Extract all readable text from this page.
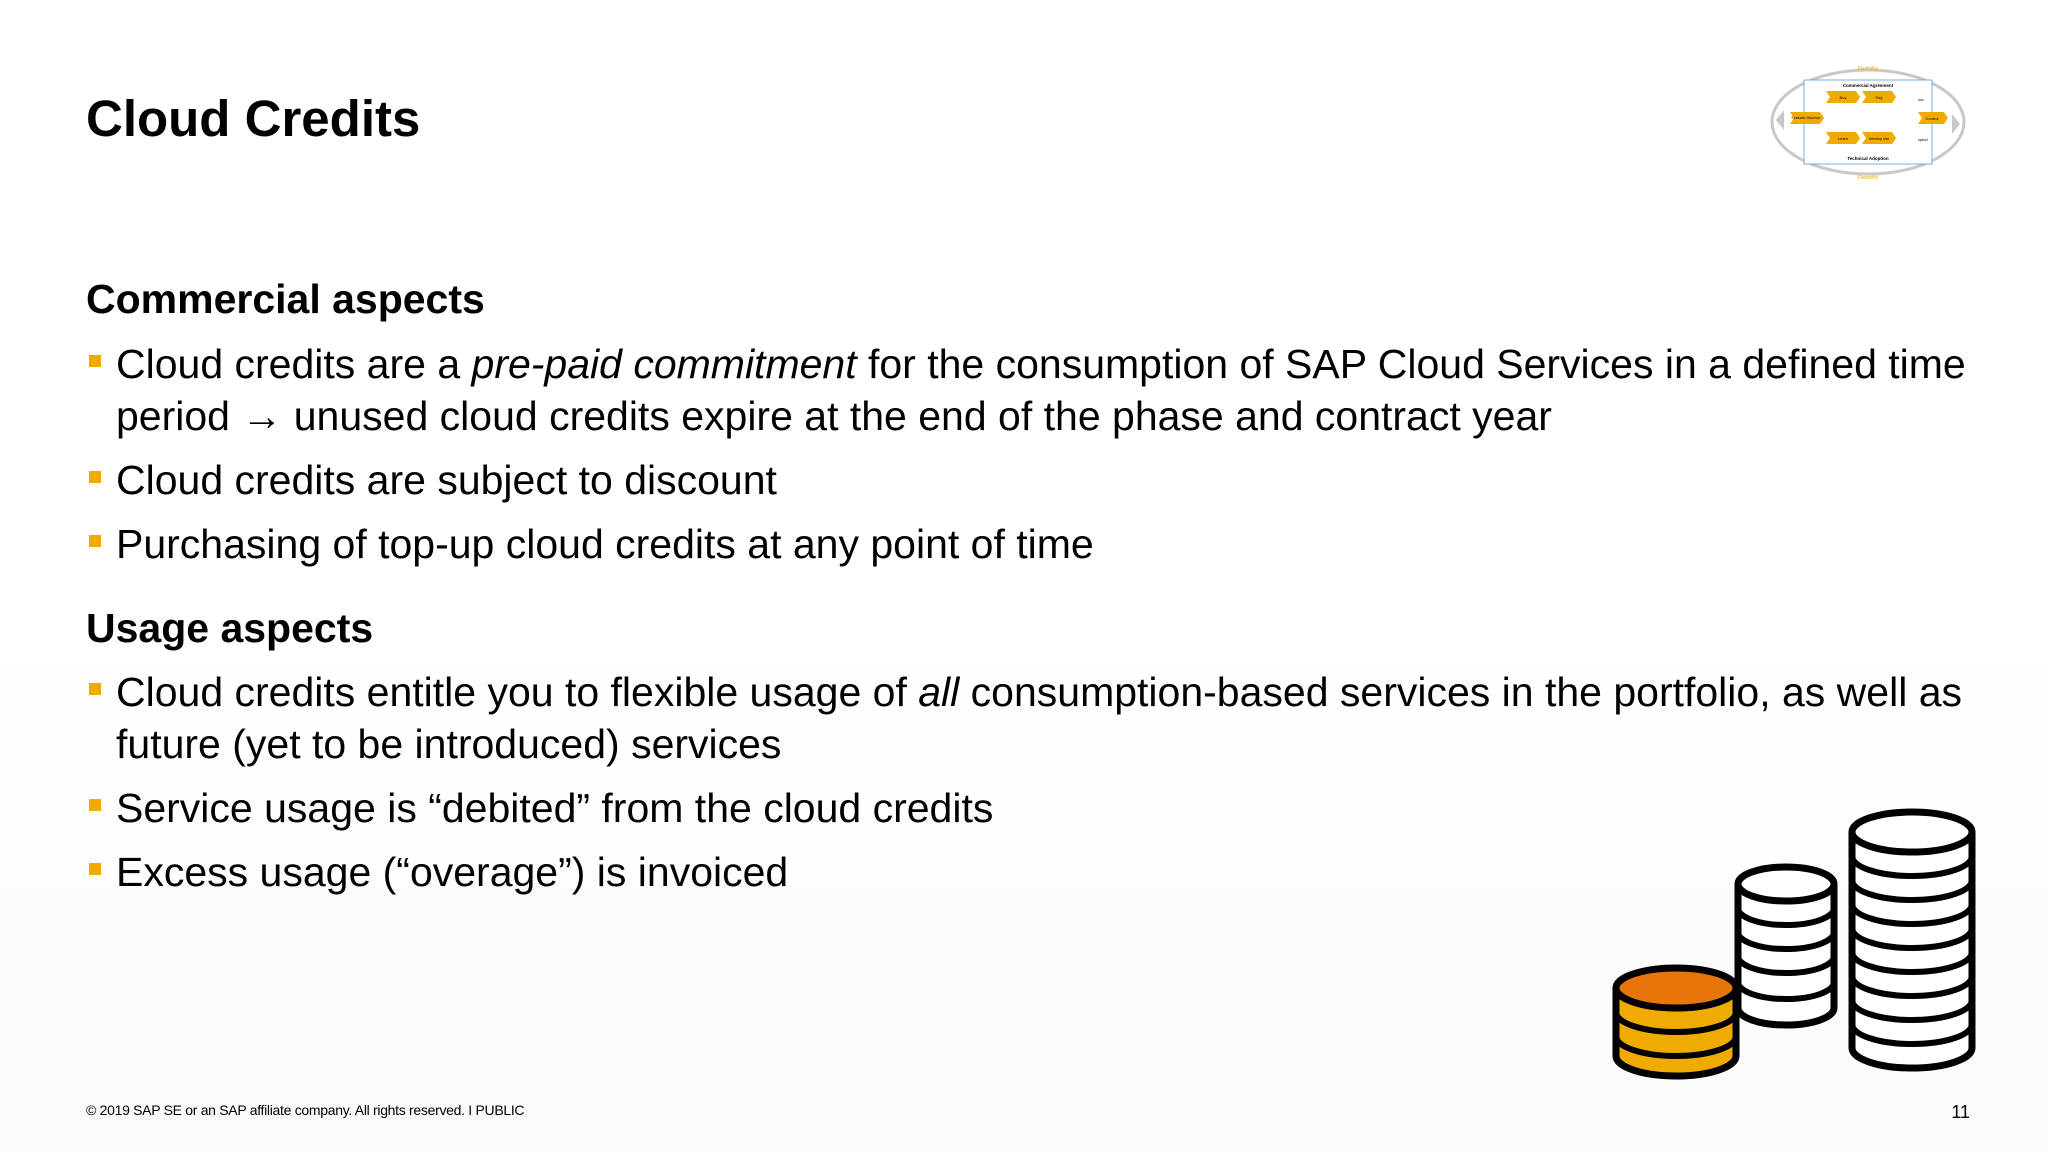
Cloud Credits
Flexibility
Flexibility
Commercial Agreement
Technical Adoption
Buy	Pay
Evaluate Discover
Learn	Develop Use
Control
use
spend
Commercial aspects
Cloud credits are a pre-paid commitment for the consumption of SAP Cloud Services in a defined time period → unused cloud credits expire at the end of the phase and contract year
Cloud credits are subject to discount
Purchasing of top-up cloud credits at any point of time
Usage aspects
Cloud credits entitle you to flexible usage of all consumption-based services in the portfolio, as well as future (yet to be introduced) services
Service usage is “debited” from the cloud credits
Excess usage (“overage”) is invoiced
© 2019 SAP SE or an SAP affiliate company. All rights reserved. I PUBLIC	11
